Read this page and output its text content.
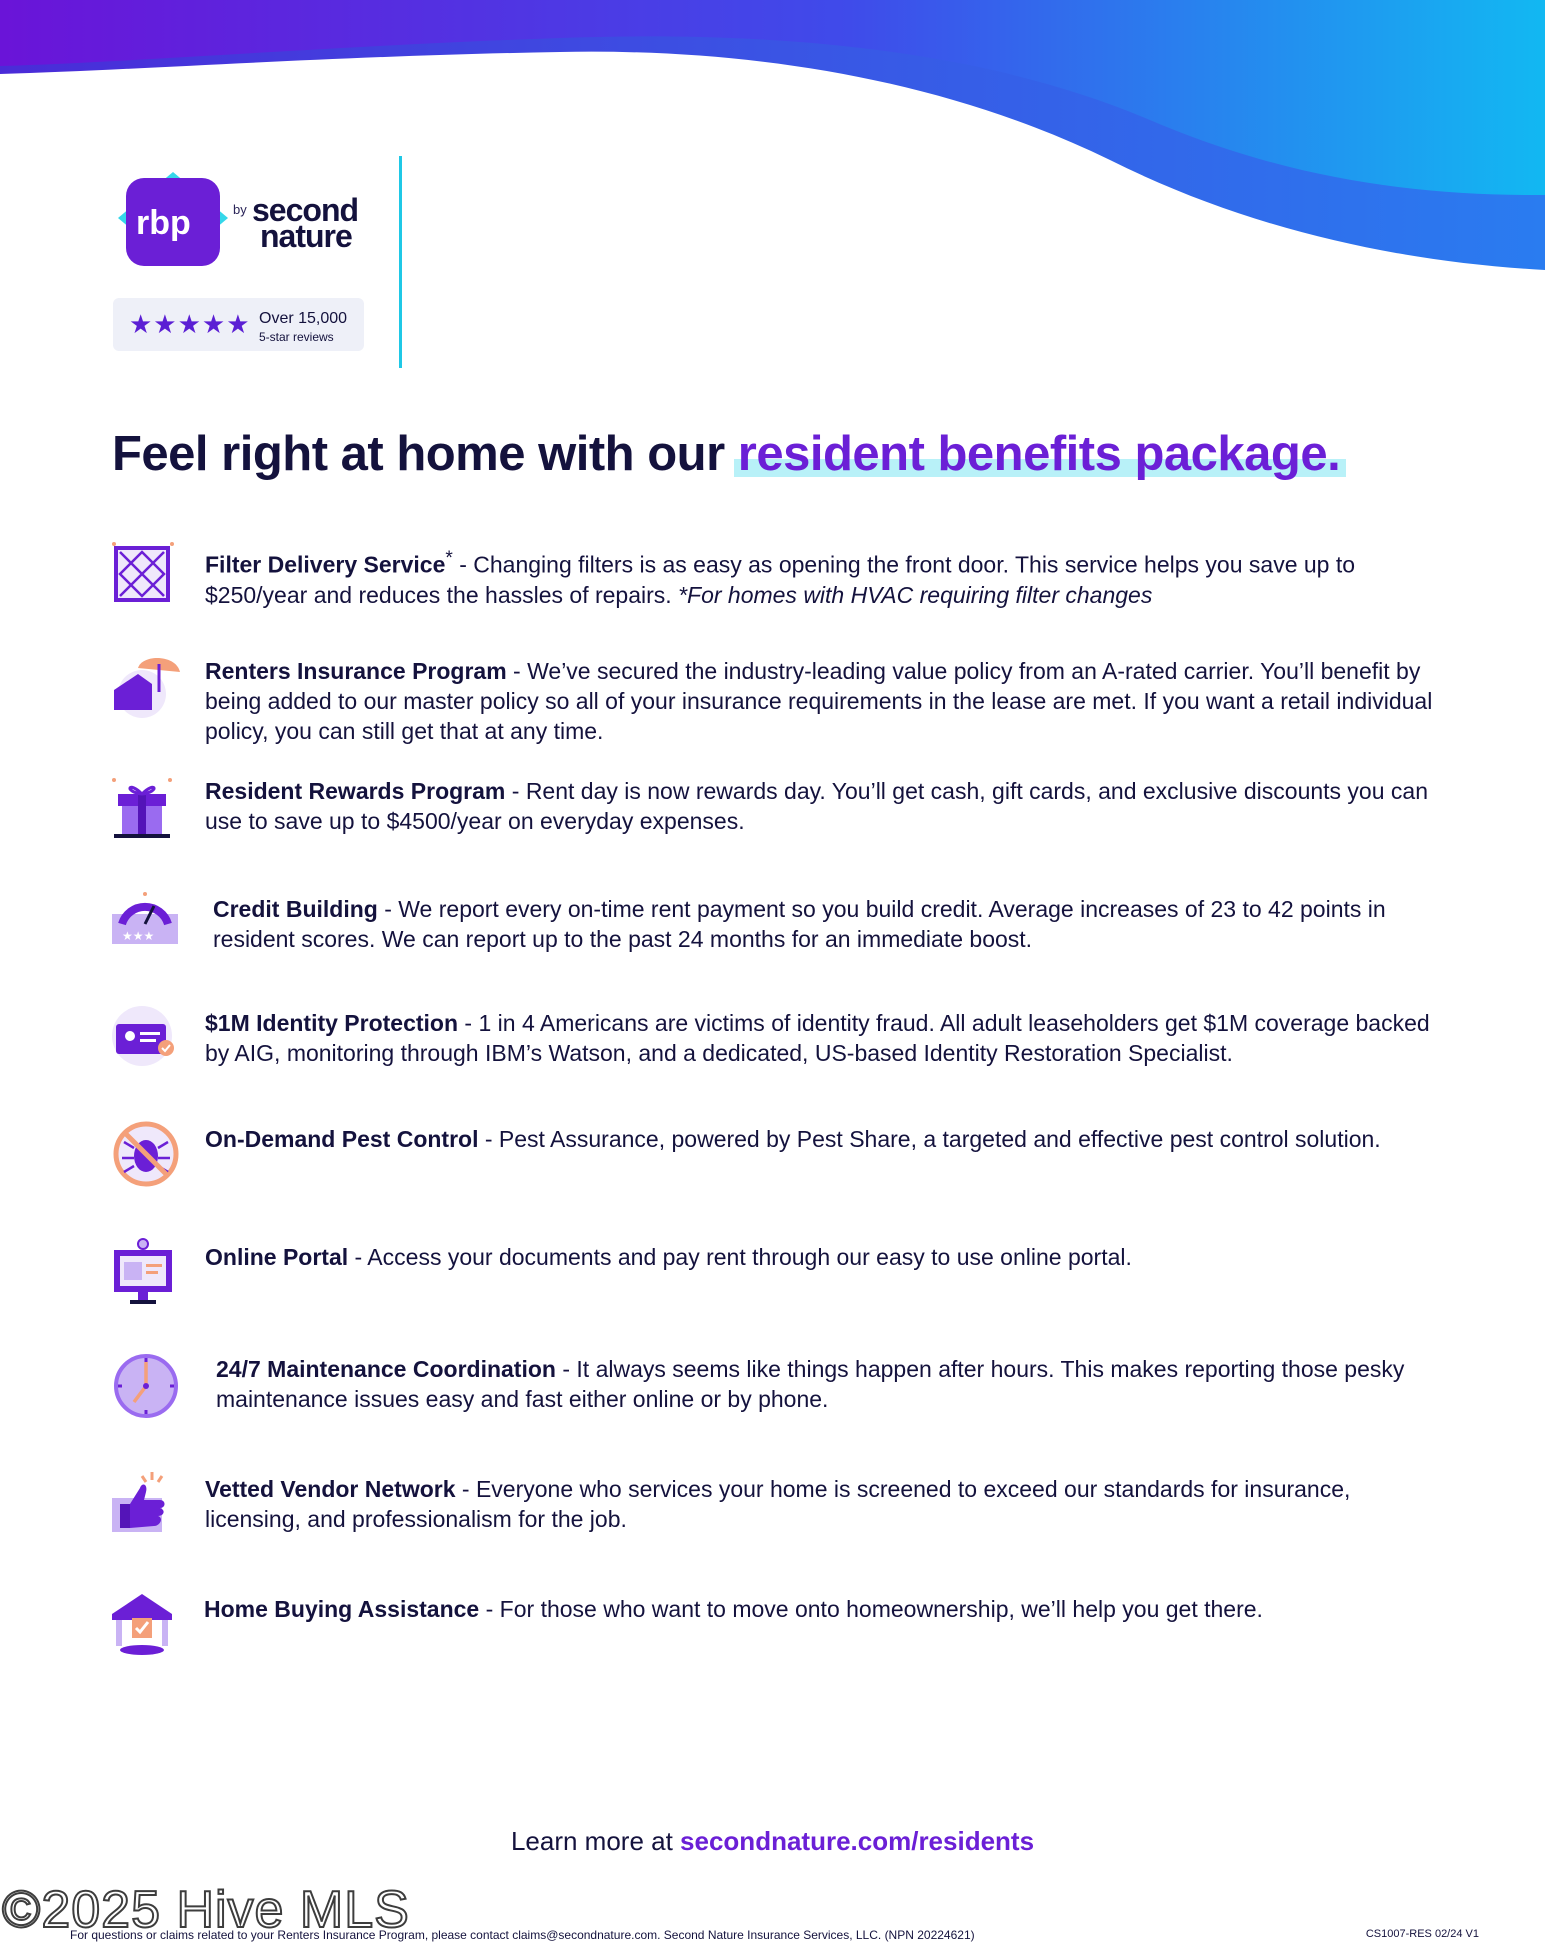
rbp	by second
nature
★★★★★ Over 15,000
5-star reviews
Feel right at home with our resident benefits package.
Filter Delivery Service* - Changing filters is as easy as opening the front door. This service helps you save up to $250/year and reduces the hassles of repairs. *For homes with HVAC requiring filter changes
Renters Insurance Program - We’ve secured the industry-leading value policy from an A-rated carrier. You’ll benefit by being added to our master policy so all of your insurance requirements in the lease are met. If you want a retail individual policy, you can still get that at any time.
Resident Rewards Program - Rent day is now rewards day. You’ll get cash, gift cards, and exclusive discounts you can use to save up to $4500/year on everyday expenses.
★★★
Credit Building - We report every on-time rent payment so you build credit. Average increases of 23 to 42 points in resident scores. We can report up to the past 24 months for an immediate boost.
$1M Identity Protection - 1 in 4 Americans are victims of identity fraud. All adult leaseholders get $1M coverage backed by AIG, monitoring through IBM’s Watson, and a dedicated, US-based Identity Restoration Specialist.
On-Demand Pest Control - Pest Assurance, powered by Pest Share, a targeted and effective pest control solution.
Online Portal - Access your documents and pay rent through our easy to use online portal.
24/7 Maintenance Coordination - It always seems like things happen after hours. This makes reporting those pesky maintenance issues easy and fast either online or by phone.
Vetted Vendor Network - Everyone who services your home is screened to exceed our standards for insurance, licensing, and professionalism for the job.
Home Buying Assistance - For those who want to move onto homeownership, we’ll help you get there.
Learn more at secondnature.com/residents
©2025 Hive MLS
For questions or claims related to your Renters Insurance Program, please contact claims@secondnature.com. Second Nature Insurance Services, LLC. (NPN 20224621)	CS1007-RES 02/24 V1
